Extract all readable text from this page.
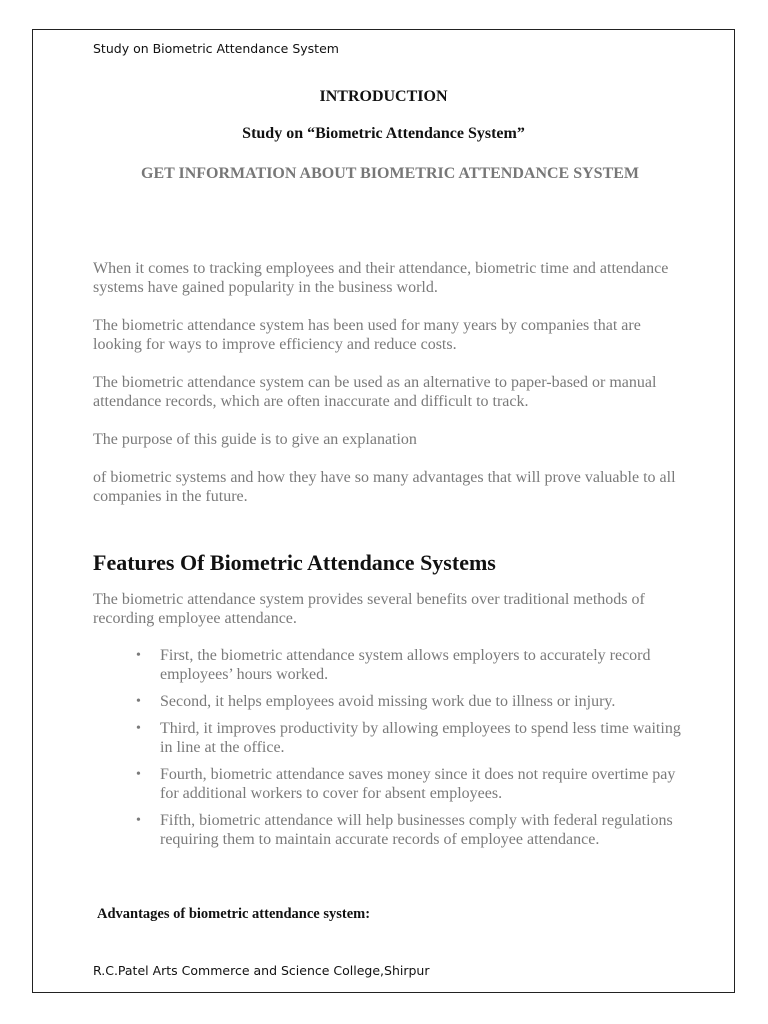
Study on Biometric Attendance System
INTRODUCTION
Study on “Biometric Attendance System”
GET INFORMATION ABOUT BIOMETRIC ATTENDANCE SYSTEM

When it comes to tracking employees and their attendance, biometric time and attendance systems have gained popularity in the business world.

The biometric attendance system has been used for many years by companies that are looking for ways to improve efficiency and reduce costs.

The biometric attendance system can be used as an alternative to paper-based or manual attendance records, which are often inaccurate and difficult to track.

The purpose of this guide is to give an explanation

of biometric systems and how they have so many advantages that will prove valuable to all companies in the future.

Features Of Biometric Attendance Systems

The biometric attendance system provides several benefits over traditional methods of recording employee attendance.

• First, the biometric attendance system allows employers to accurately record employees’ hours worked.
• Second, it helps employees avoid missing work due to illness or injury.
• Third, it improves productivity by allowing employees to spend less time waiting in line at the office.
• Fourth, biometric attendance saves money since it does not require overtime pay for additional workers to cover for absent employees.
• Fifth, biometric attendance will help businesses comply with federal regulations requiring them to maintain accurate records of employee attendance.
Advantages of biometric attendance system:
R.C.Patel Arts Commerce and Science College,Shirpur
